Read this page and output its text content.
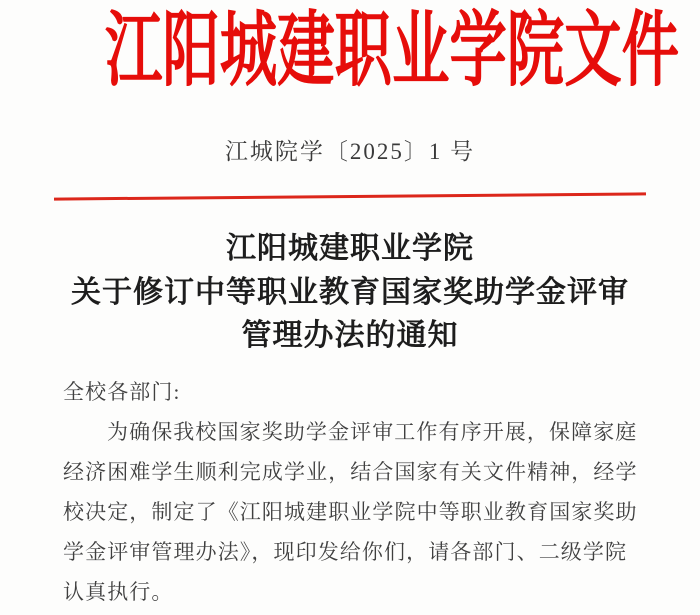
江阳城建职业学院文件
江城院学〔2025〕1 号
江阳城建职业学院
关于修订中等职业教育国家奖助学金评审
管理办法的通知

全校各部门:

为确保我校国家奖助学金评审工作有序开展，保障家庭

经济困难学生顺利完成学业，结合国家有关文件精神，经学

校决定，制定了《江阳城建职业学院中等职业教育国家奖助

学金评审管理办法》，现印发给你们，请各部门、二级学院

认真执行。
